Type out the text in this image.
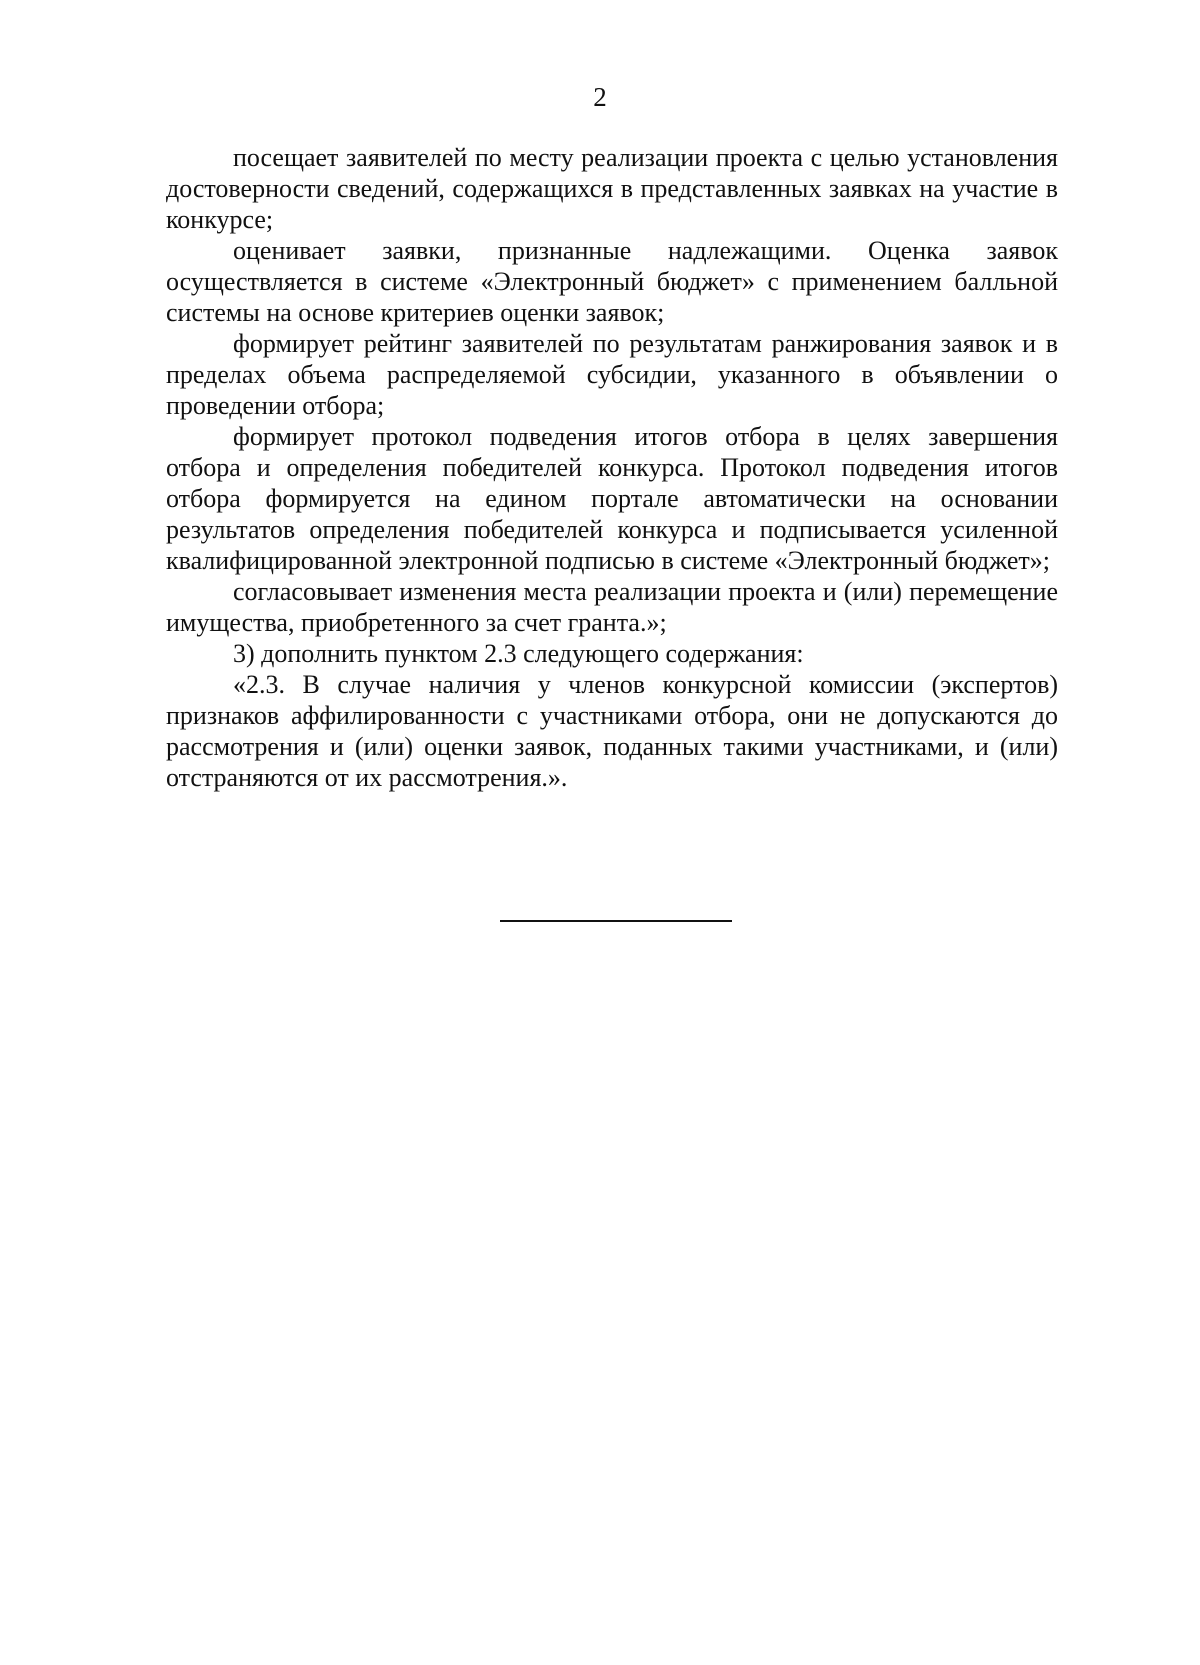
2

посещает заявителей по месту реализации проекта с целью установления достоверности сведений, содержащихся в представленных заявках на участие в конкурсе;

оценивает заявки, признанные надлежащими. Оценка заявок осуществляется в системе «Электронный бюджет» с применением балльной системы на основе критериев оценки заявок;

формирует рейтинг заявителей по результатам ранжирования заявок и в пределах объема распределяемой субсидии, указанного в объявлении о проведении отбора;

формирует протокол подведения итогов отбора в целях завершения отбора и определения победителей конкурса. Протокол подведения итогов отбора формируется на едином портале автоматически на основании результатов определения победителей конкурса и подписывается усиленной квалифицированной электронной подписью в системе «Электронный бюджет»;

согласовывает изменения места реализации проекта и (или) перемещение имущества, приобретенного за счет гранта.»;

3) дополнить пунктом 2.3 следующего содержания:

«2.3. В случае наличия у членов конкурсной комиссии (экспертов) признаков аффилированности с участниками отбора, они не допускаются до рассмотрения и (или) оценки заявок, поданных такими участниками, и (или) отстраняются от их рассмотрения.».
